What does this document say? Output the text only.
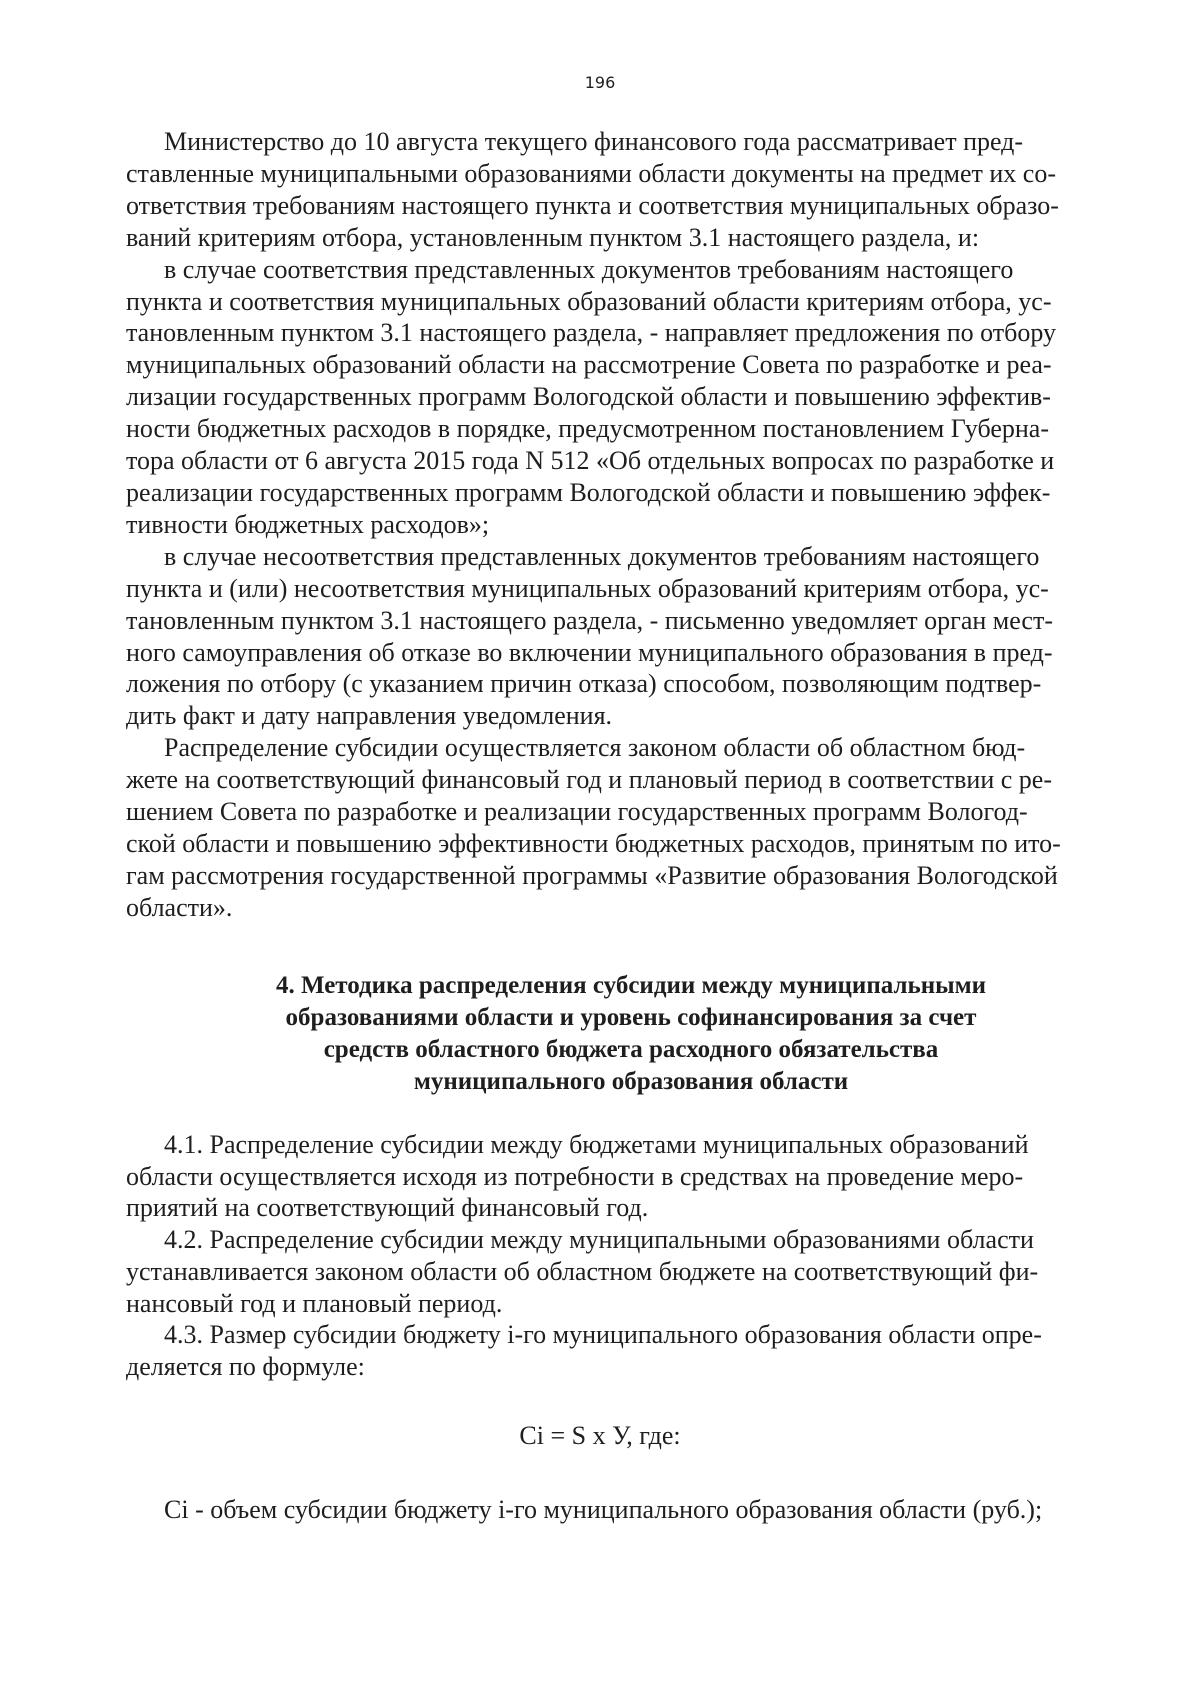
196

Министерство до 10 августа текущего финансового года рассматривает пред-
ставленные муниципальными образованиями области документы на предмет их со-
ответствия требованиям настоящего пункта и соответствия муниципальных образо-
ваний критериям отбора, установленным пунктом 3.1 настоящего раздела, и:

в случае соответствия представленных документов требованиям настоящего
пункта и соответствия муниципальных образований области критериям отбора, ус-
тановленным пунктом 3.1 настоящего раздела, - направляет предложения по отбору
муниципальных образований области на рассмотрение Совета по разработке и реа-
лизации государственных программ Вологодской области и повышению эффектив-
ности бюджетных расходов в порядке, предусмотренном постановлением Губерна-
тора области от 6 августа 2015 года N 512 «Об отдельных вопросах по разработке и
реализации государственных программ Вологодской области и повышению эффек-
тивности бюджетных расходов»;

в случае несоответствия представленных документов требованиям настоящего
пункта и (или) несоответствия муниципальных образований критериям отбора, ус-
тановленным пунктом 3.1 настоящего раздела, - письменно уведомляет орган мест-
ного самоуправления об отказе во включении муниципального образования в пред-
ложения по отбору (с указанием причин отказа) способом, позволяющим подтвер-
дить факт и дату направления уведомления.

Распределение субсидии осуществляется законом области об областном бюд-
жете на соответствующий финансовый год и плановый период в соответствии с ре-
шением Совета по разработке и реализации государственных программ Вологод-
ской области и повышению эффективности бюджетных расходов, принятым по ито-
гам рассмотрения государственной программы «Развитие образования Вологодской
области».

4. Методика распределения субсидии между муниципальными
образованиями области и уровень софинансирования за счет
средств областного бюджета расходного обязательства
муниципального образования области

4.1. Распределение субсидии между бюджетами муниципальных образований
области осуществляется исходя из потребности в средствах на проведение меро-
приятий на соответствующий финансовый год.

4.2. Распределение субсидии между муниципальными образованиями области
устанавливается законом области об областном бюджете на соответствующий фи-
нансовый год и плановый период.

4.3. Размер субсидии бюджету i-го муниципального образования области опре-
деляется по формуле:

Ci = S x У, где:

Ci - объем субсидии бюджету i-го муниципального образования области (руб.);
